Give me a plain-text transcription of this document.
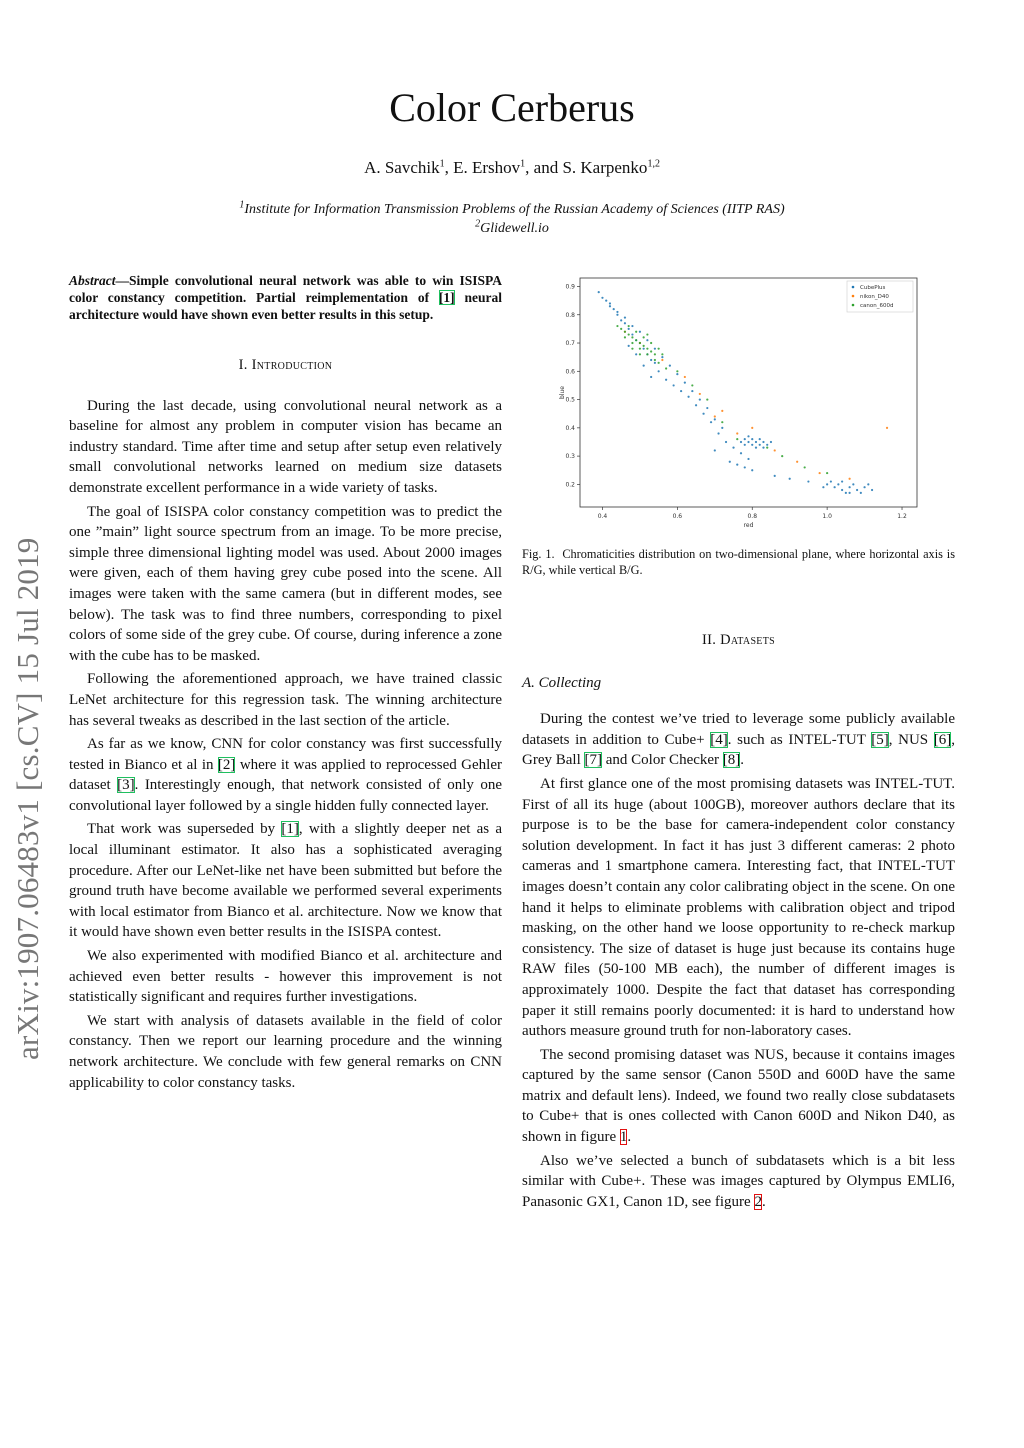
Color Cerberus
A. Savchik$^1$, E. Ershov$^1$, and S. Karpenko$^{1,2}$
$^1$Institute for Information Transmission Problems of the Russian Academy of Sciences (IITP RAS)
$^2$Glidewell.io
arXiv:1907.06483v1 [cs.CV] 15 Jul 2019

Abstract—Simple convolutional neural network was able to win ISISPA color constancy competition. Partial reimplementation of [1] neural architecture would have shown even better results in this setup.

I. Introduction

During the last decade, using convolutional neural network as a baseline for almost any problem in computer vision has became an industry standard. Time after time and setup after setup even relatively small convolutional networks learned on medium size datasets demonstrate excellent performance in a wide variety of tasks.

The goal of ISISPA color constancy competition was to predict the one ”main” light source spectrum from an image. To be more precise, simple three dimensional lighting model was used. About 2000 images were given, each of them having grey cube posed into the scene. All images were taken with the same camera (but in different modes, see below). The task was to find three numbers, corresponding to pixel colors of some side of the grey cube. Of course, during inference a zone with the cube has to be masked.

Following the aforementioned approach, we have trained classic LeNet architecture for this regression task. The winning architecture has several tweaks as described in the last section of the article.

As far as we know, CNN for color constancy was first successfully tested in Bianco et al in [2] where it was applied to reprocessed Gehler dataset [3]. Interestingly enough, that network consisted of only one convolutional layer followed by a single hidden fully connected layer.

That work was superseded by [1], with a slightly deeper net as a local illuminant estimator. It also has a sophisticated averaging procedure. After our LeNet-like net have been submitted but before the ground truth have become available we performed several experiments with local estimator from Bianco et al. architecture. Now we know that it would have shown even better results in the ISISPA contest.

We also experimented with modified Bianco et al. architecture and achieved even better results - however this improvement is not statistically significant and requires further investigations.

We start with analysis of datasets available in the field of color constancy. Then we report our learning procedure and the winning network architecture. We conclude with few general remarks on CNN applicability to color constancy tasks.

0.4	0.6	0.8	1.0	1.2
0.2
0.3
0.4
0.5
0.6
0.7
0.8
0.9
red
blue
CubePlus
nikon_D40
canon_600d

Fig. 1. Chromaticities distribution on two-dimensional plane, where horizontal axis is R/G, while vertical B/G.

II. Datasets
A. Collecting

During the contest we’ve tried to leverage some publicly available datasets in addition to Cube+ [4]. such as INTEL-TUT [5], NUS [6], Grey Ball [7] and Color Checker [8].

At first glance one of the most promising datasets was INTEL-TUT. First of all its huge (about 100GB), moreover authors declare that its purpose is to be the base for camera-independent color constancy solution development. In fact it has just 3 different cameras: 2 photo cameras and 1 smartphone camera. Interesting fact, that INTEL-TUT images doesn’t contain any color calibrating object in the scene. On one hand it helps to eliminate problems with calibration object and tripod masking, on the other hand we loose opportunity to re-check markup consistency. The size of dataset is huge just because its contains huge RAW files (50-100 MB each), the number of different images is approximately 1000. Despite the fact that dataset has corresponding paper it still remains poorly documented: it is hard to understand how authors measure ground truth for non-laboratory cases.

The second promising dataset was NUS, because it contains images captured by the same sensor (Canon 550D and 600D have the same matrix and default lens). Indeed, we found two really close subdatasets to Cube+ that is ones collected with Canon 600D and Nikon D40, as shown in figure 1.

Also we’ve selected a bunch of subdatasets which is a bit less similar with Cube+. These was images captured by Olympus EMLI6, Panasonic GX1, Canon 1D, see figure 2.
